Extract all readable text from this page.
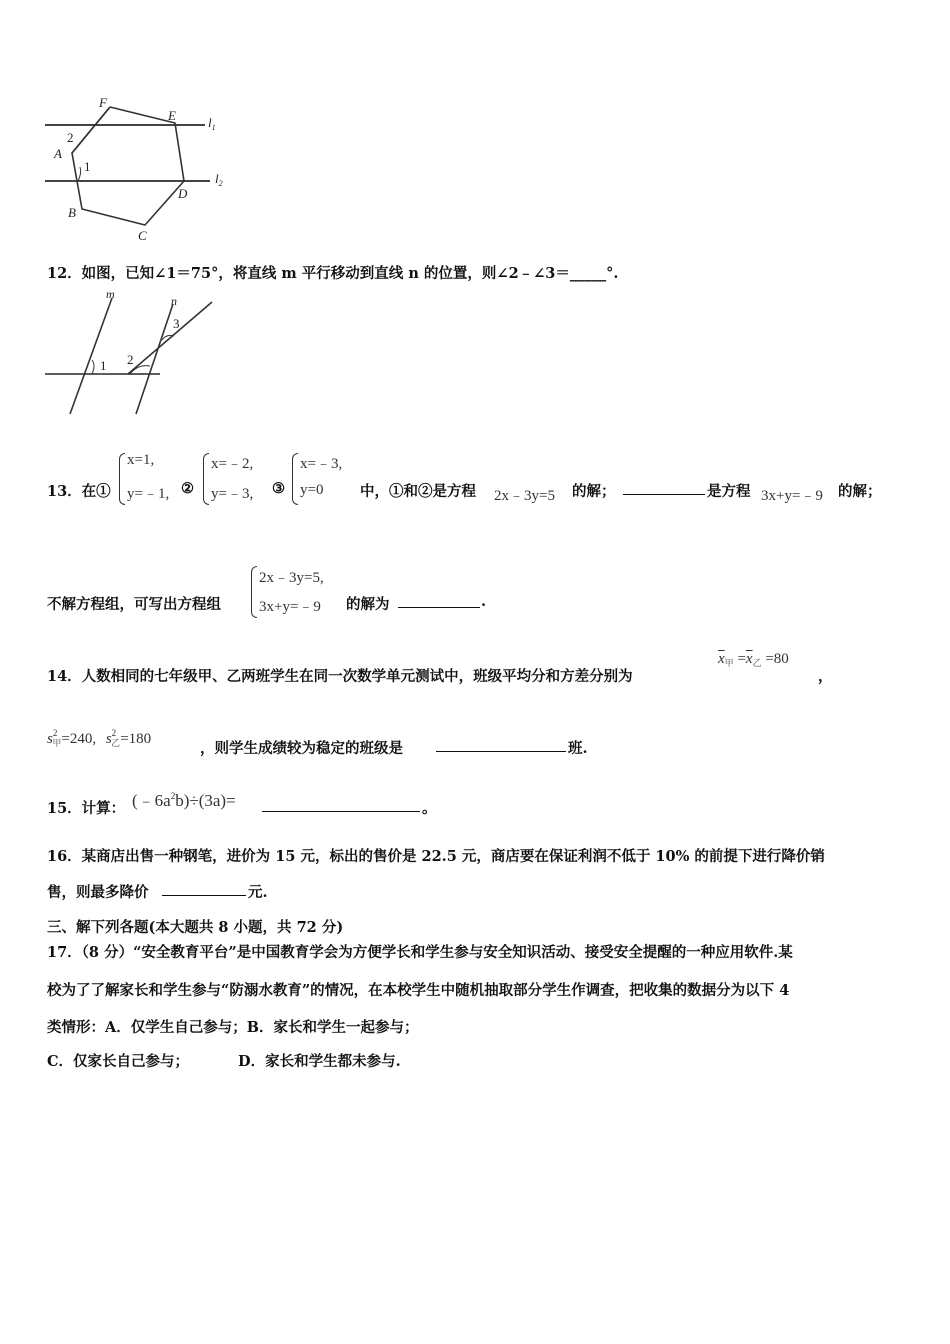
F
E $l_1$
2
A
1
$l_2$
D
B
C
12．如图，已知∠1＝75°，将直线 m 平行移动到直线 n 的位置，则∠2﹣∠3＝_____°.
m	n
3
2
1
13．在①
x=1,
y=﹣1, ②
x=﹣2,
y=﹣3, ③
x=﹣3,
y=0	中，①和②是方程 2x﹣3y=5 的解；	是方程 3x+y=﹣9 的解；
不解方程组，可写出方程组
2x﹣3y=5,
3x+y=﹣9 的解为	.
14．人数相同的七年级甲、乙两班学生在同一次数学单元测试中，班级平均分和方差分别为
$\overline{x}_甲 =\overline{x}_乙 =80$
，
$s^2_甲=240$, $s^2_乙=180$
，则学生成绩较为稳定的班级是	班.
15．计算： $(﹣6a^2b)\div(3a)=$	。
16．某商店出售一种钢笔，进价为 15 元，标出的售价是 22.5 元，商店要在保证利润不低于 10% 的前提下进行降价销
售，则最多降价	元.
三、解下列各题(本大题共 8 小题，共 72 分)
17．（8 分）“安全教育平台”是中国教育学会为方便学长和学生参与安全知识活动、接受安全提醒的一种应用软件.某
校为了了解家长和学生参与“防溺水教育”的情况，在本校学生中随机抽取部分学生作调查，把收集的数据分为以下 4
类情形：A．仅学生自己参与；B．家长和学生一起参与；
C．仅家长自己参与；	D．家长和学生都未参与.
